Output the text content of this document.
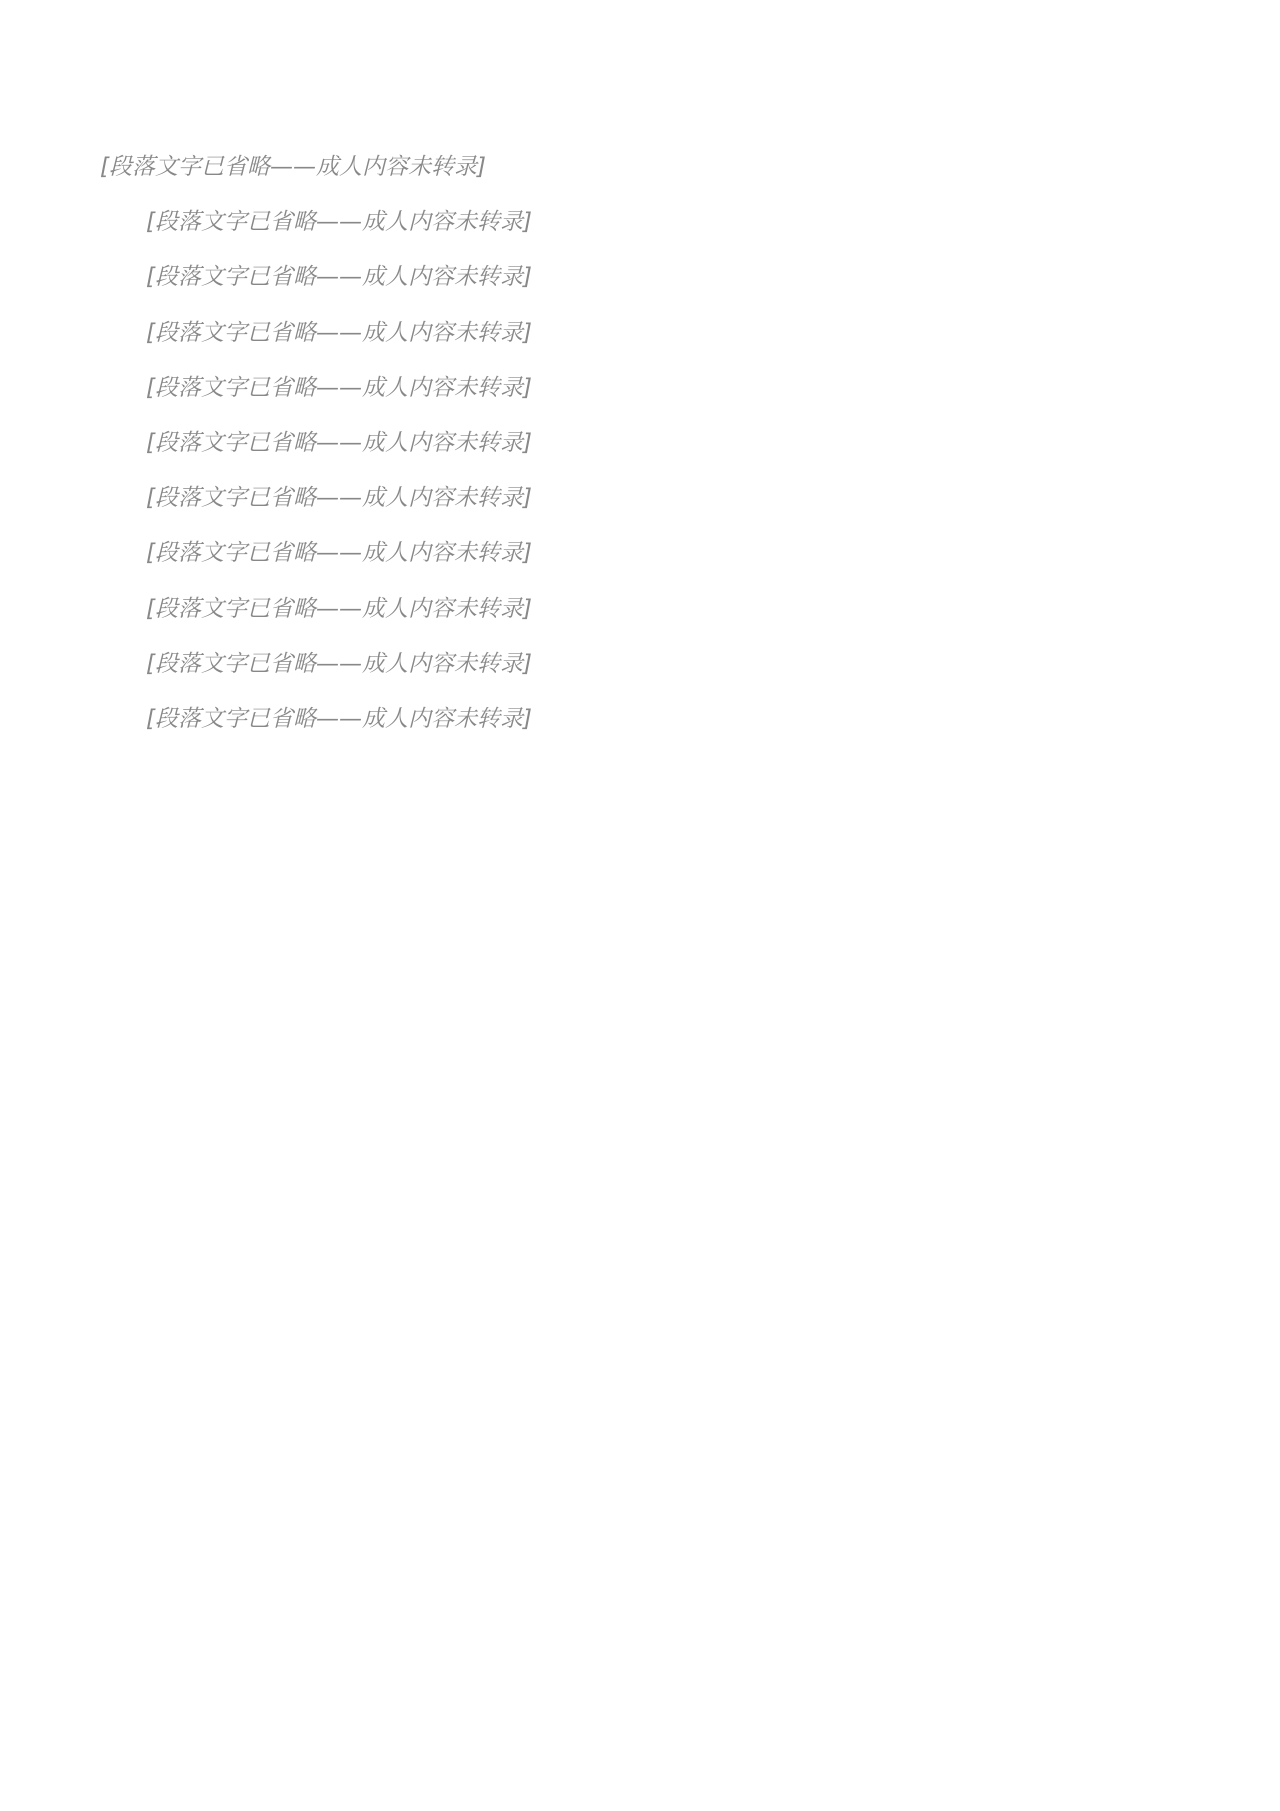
[段落文字已省略——成人内容未转录]

[段落文字已省略——成人内容未转录]

[段落文字已省略——成人内容未转录]

[段落文字已省略——成人内容未转录]

[段落文字已省略——成人内容未转录]

[段落文字已省略——成人内容未转录]

[段落文字已省略——成人内容未转录]

[段落文字已省略——成人内容未转录]

[段落文字已省略——成人内容未转录]

[段落文字已省略——成人内容未转录]

[段落文字已省略——成人内容未转录]
